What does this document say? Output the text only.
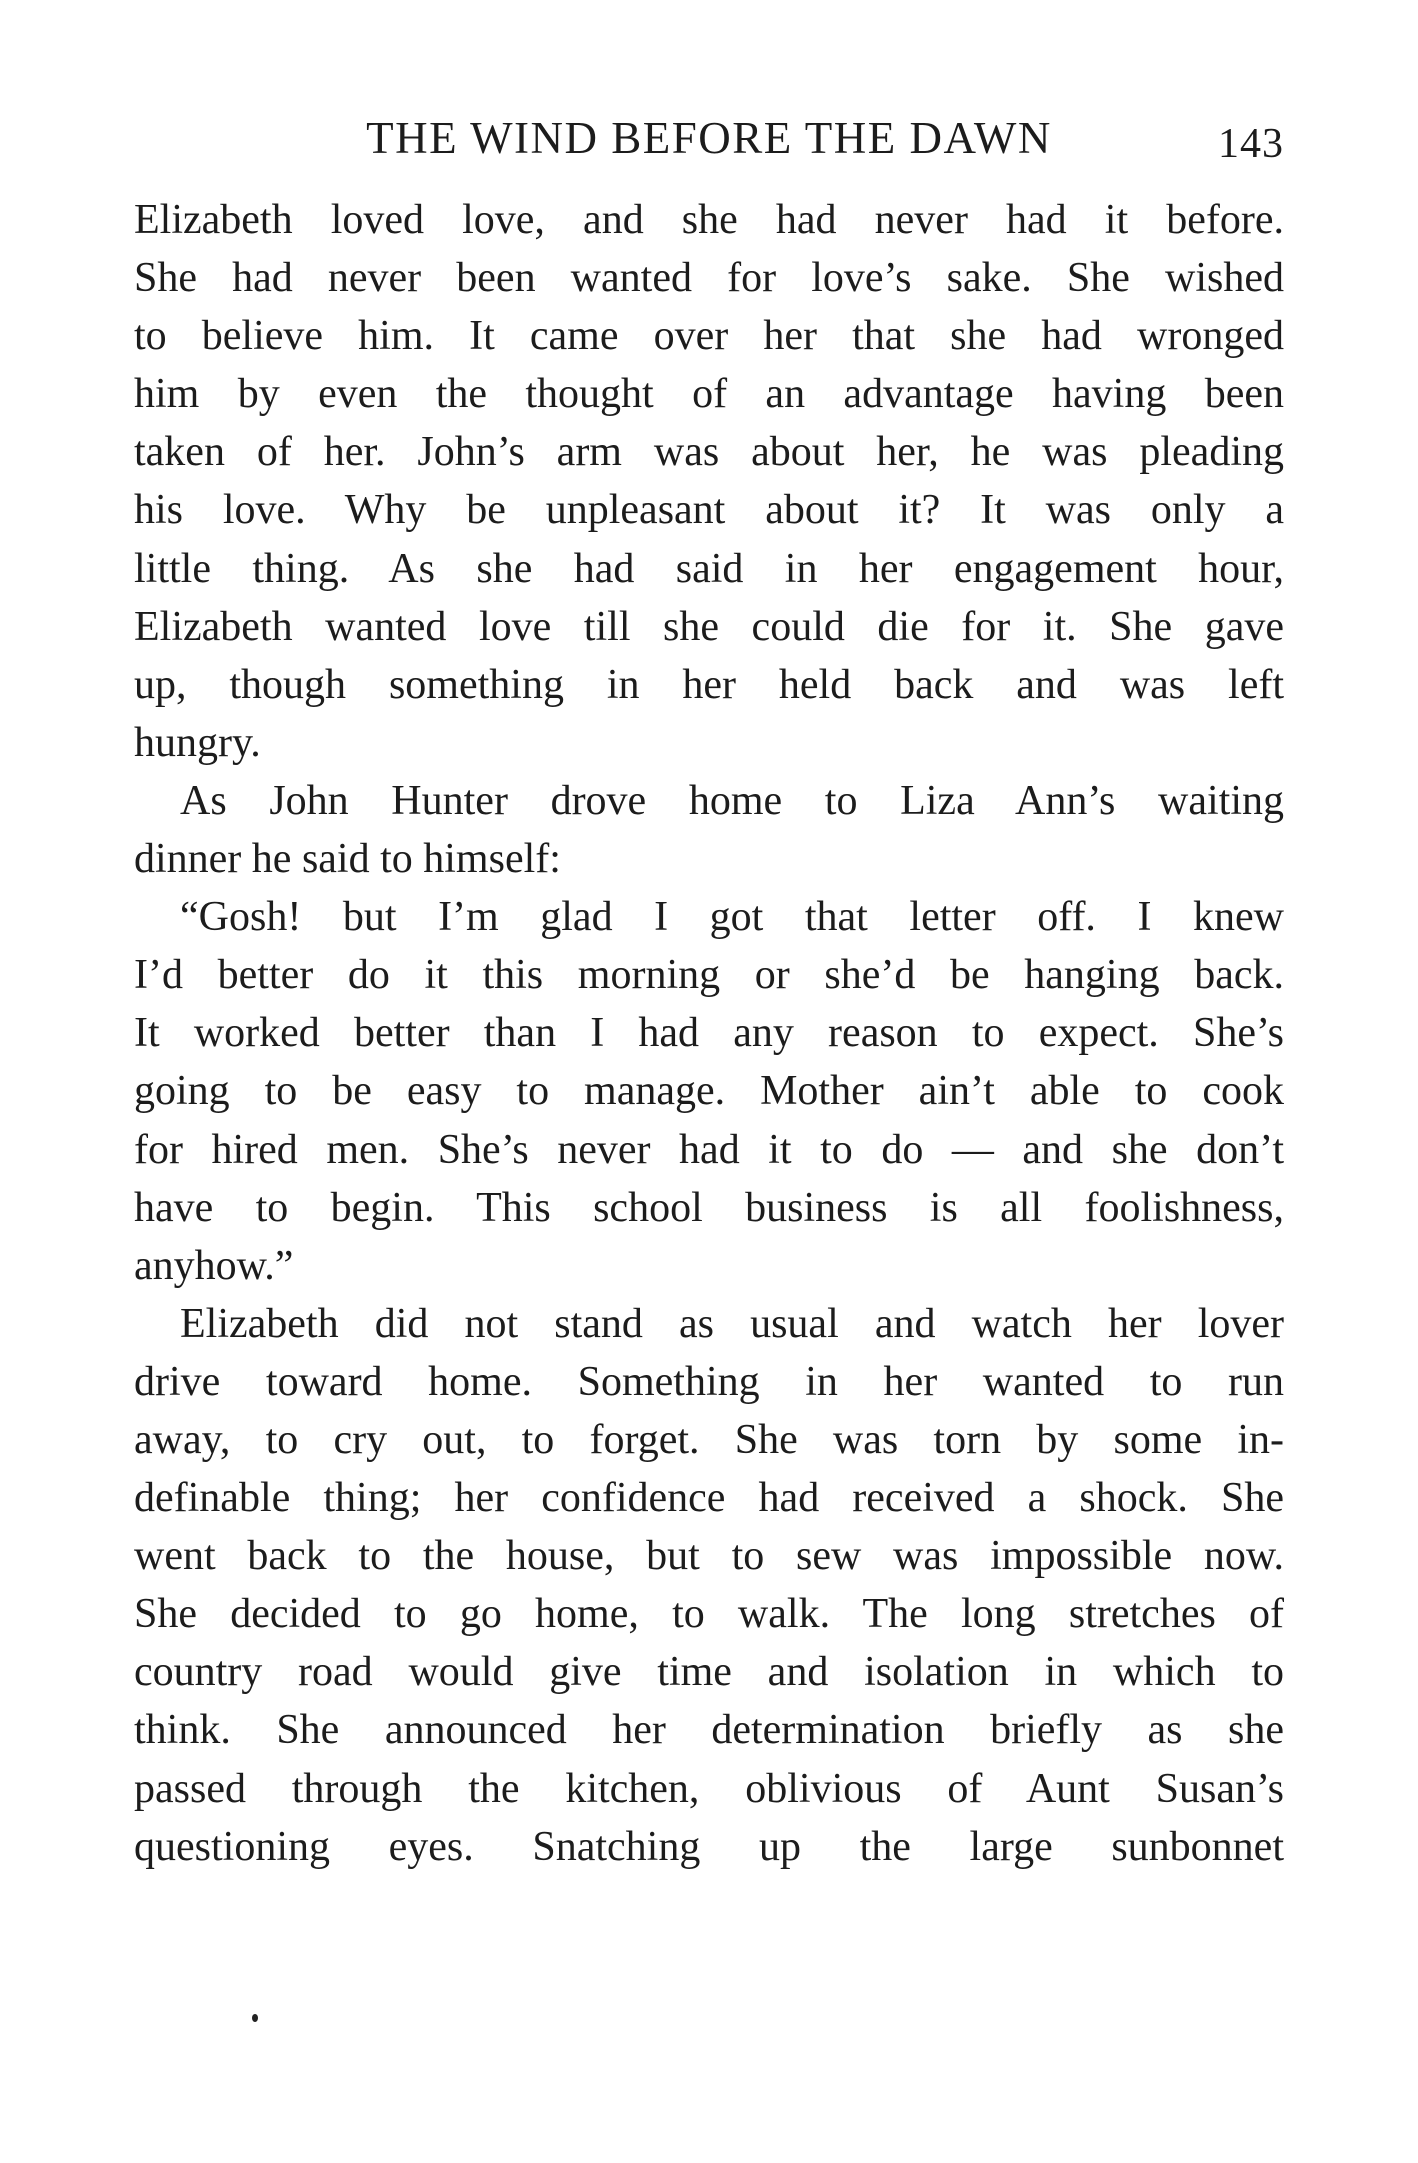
THE WIND BEFORE THE DAWN	143
Elizabeth loved love, and she had never had it before.
She had never been wanted for love’s sake. She wished
to believe him. It came over her that she had wronged
him by even the thought of an advantage having been
taken of her. John’s arm was about her, he was pleading
his love. Why be unpleasant about it? It was only a
little thing. As she had said in her engagement hour,
Elizabeth wanted love till she could die for it. She gave
up, though something in her held back and was left
hungry.
As John Hunter drove home to Liza Ann’s waiting
dinner he said to himself:
“Gosh! but I’m glad I got that letter off. I knew
I’d better do it this morning or she’d be hanging back.
It worked better than I had any reason to expect. She’s
going to be easy to manage. Mother ain’t able to cook
for hired men. She’s never had it to do — and she don’t
have to begin. This school business is all foolishness,
anyhow.”
Elizabeth did not stand as usual and watch her lover
drive toward home. Something in her wanted to run
away, to cry out, to forget. She was torn by some in-
definable thing; her confidence had received a shock. She
went back to the house, but to sew was impossible now.
She decided to go home, to walk. The long stretches of
country road would give time and isolation in which to
think. She announced her determination briefly as she
passed through the kitchen, oblivious of Aunt Susan’s
questioning eyes. Snatching up the large sunbonnet
